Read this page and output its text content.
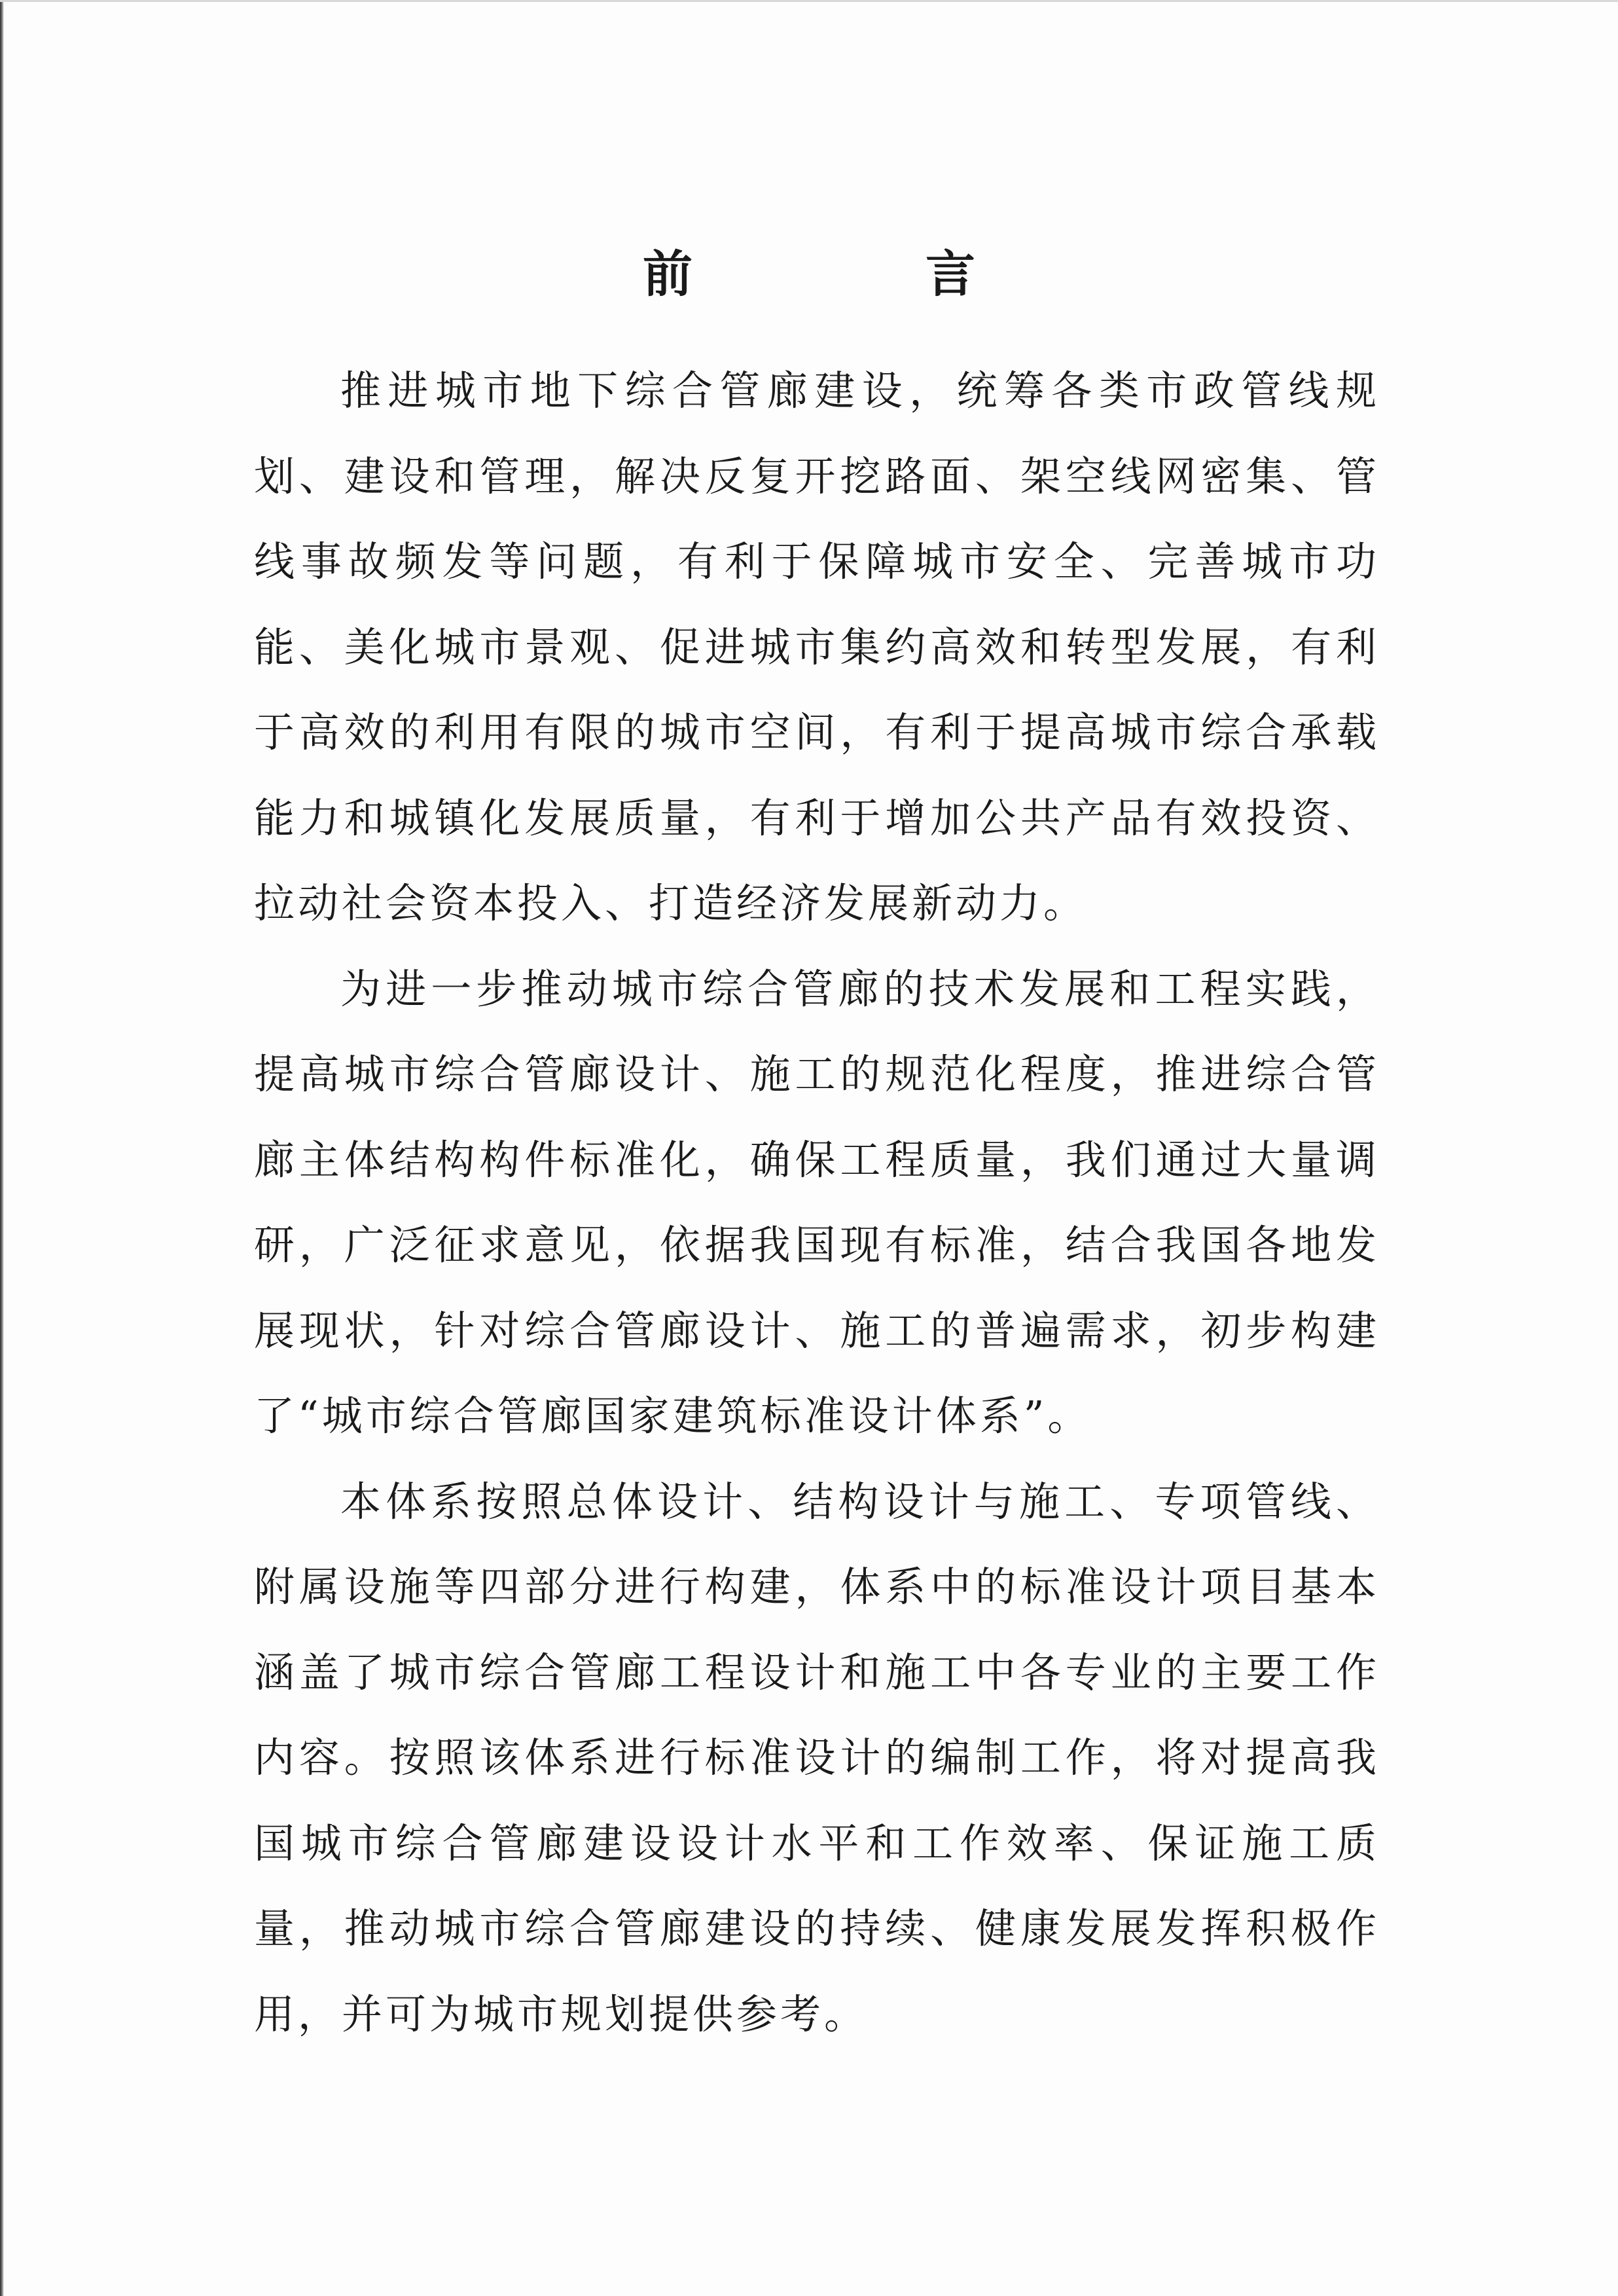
前　言

推进城市地下综合管廊建设，统筹各类市政管线规划、建设和管理，解决反复开挖路面、架空线网密集、管线事故频发等问题，有利于保障城市安全、完善城市功能、美化城市景观、促进城市集约高效和转型发展，有利于高效的利用有限的城市空间，有利于提高城市综合承载能力和城镇化发展质量，有利于增加公共产品有效投资、拉动社会资本投入、打造经济发展新动力。

为进一步推动城市综合管廊的技术发展和工程实践，提高城市综合管廊设计、施工的规范化程度，推进综合管廊主体结构构件标准化，确保工程质量，我们通过大量调研，广泛征求意见，依据我国现有标准，结合我国各地发展现状，针对综合管廊设计、施工的普遍需求，初步构建了“城市综合管廊国家建筑标准设计体系”。

本体系按照总体设计、结构设计与施工、专项管线、附属设施等四部分进行构建，体系中的标准设计项目基本涵盖了城市综合管廊工程设计和施工中各专业的主要工作内容。按照该体系进行标准设计的编制工作，将对提高我国城市综合管廊建设设计水平和工作效率、保证施工质量，推动城市综合管廊建设的持续、健康发展发挥积极作用，并可为城市规划提供参考。
